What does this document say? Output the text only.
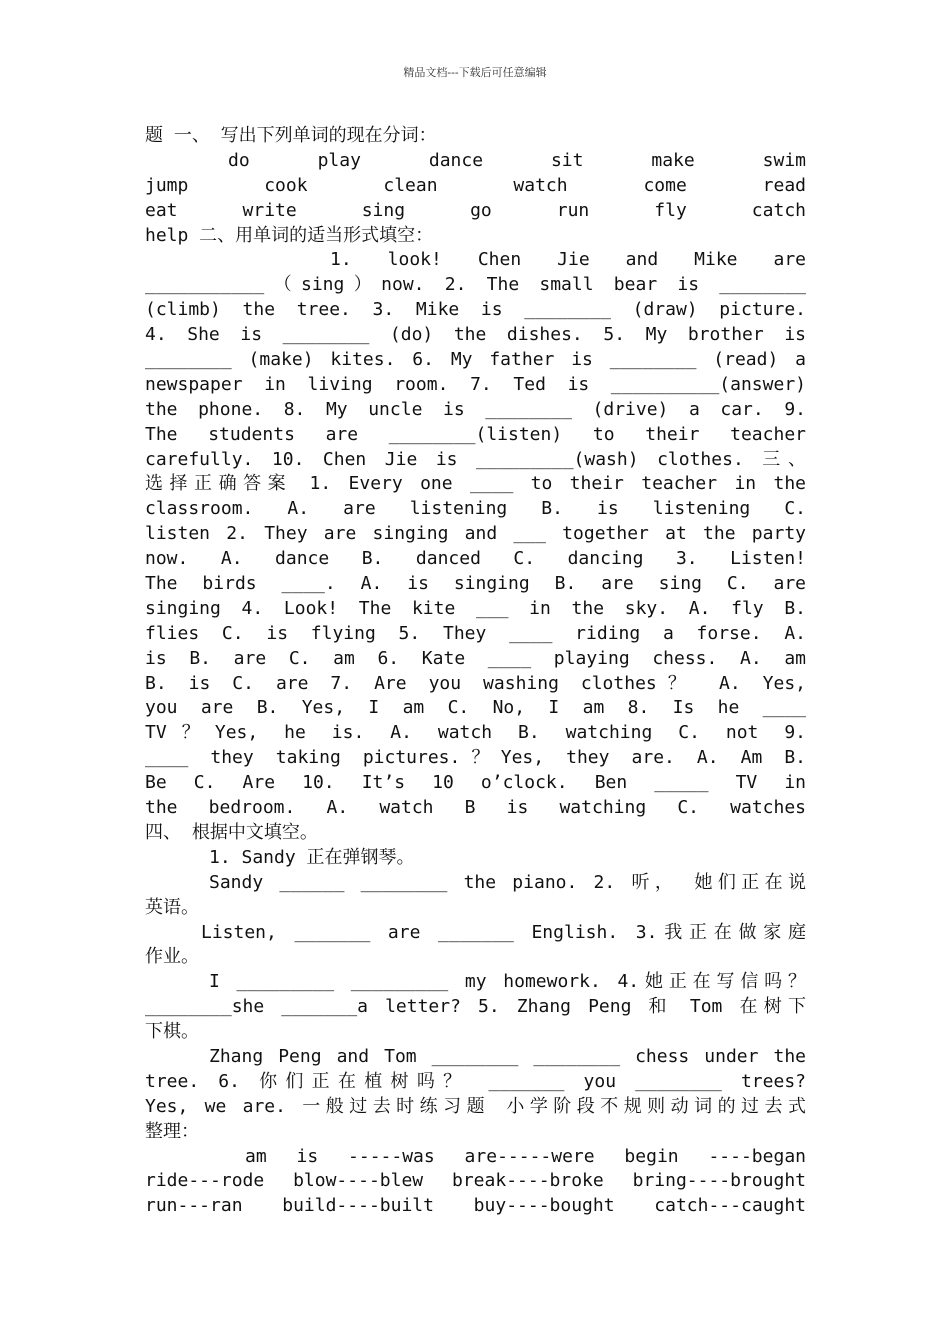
精品文档---下载后可任意编辑
题 一、 写出下列单词的现在分词：
do play dance sit make swim
jump cook clean watch come read
eat write sing go run fly catch
help 二、用单词的适当形式填空：
1. look! Chen Jie and Mike are
___________（sing）now. 2. The small bear is ________
(climb) the tree. 3. Mike is ________ (draw) picture.
4. She is ________ (do) the dishes. 5. My brother is
________ (make) kites. 6. My father is ________ (read) a
newspaper in living room. 7. Ted is __________(answer)
the phone. 8. My uncle is ________ (drive) a car. 9.
The students are ________(listen) to their teacher
carefully. 10. Chen Jie is _________(wash) clothes. 三、
选择正确答案 1. Every one ____ to their teacher in the
classroom. A. are listening B. is listening C.
listen 2. They are singing and ___ together at the party
now. A. dance B. danced C. dancing 3. Listen!
The birds ____. A. is singing B. are sing C. are
singing 4. Look! The kite ___ in the sky. A. fly B.
flies C. is flying 5. They ____ riding a forse. A.
is B. are C. am 6. Kate ____ playing chess. A. am
B. is C. are 7. Are you washing clothes？ A. Yes,
you are B. Yes, I am C. No, I am 8. Is he ____
TV？Yes, he is. A. watch B. watching C. not 9.
____ they taking pictures.？Yes, they are. A. Am B.
Be C. Are 10. It’s 10 o’clock. Ben _____ TV in
the bedroom. A. watch B is watching C. watches
四、 根据中文填空。
1. Sandy 正在弹钢琴。
Sandy ______ ________ the piano. 2. 听， 她们正在说
英语。
Listen, _______ are _______ English. 3.我正在做家庭
作业。
I _________ _________ my homework. 4.她正在写信吗？
________she _______a letter? 5. Zhang Peng 和 Tom 在树下
下棋。
Zhang Peng and Tom ________ ________ chess under the
tree. 6. 你们正在植树吗？ _______ you ________ trees?
Yes, we are. 一般过去时练习题 小学阶段不规则动词的过去式
整理：
am is -----was are-----were begin ----began
ride---rode blow----blew break----broke bring----brought
run---ran build----built buy----bought catch---caught
